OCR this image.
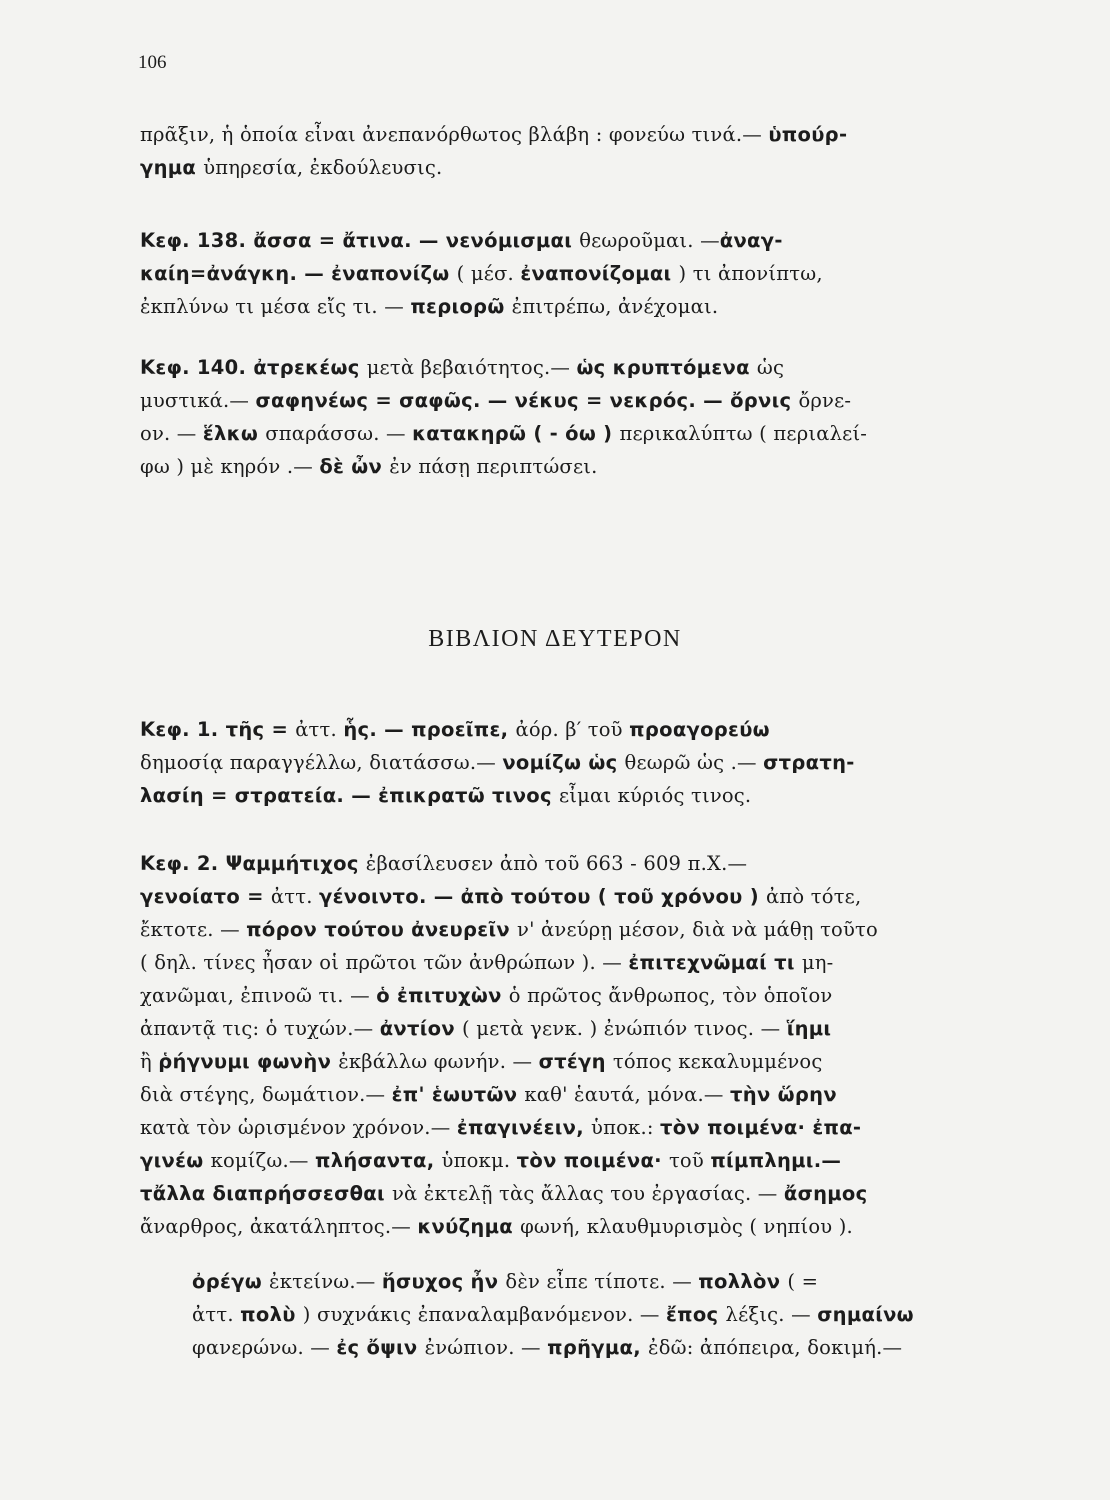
106
πρᾶξιν, ἡ ὁποία εἶναι ἀνεπανόρθωτος βλάβη : φονεύω τινά.— ὑπούρ-
γημα ὑπηρεσία, ἐκδούλευσις.
Κεφ. 138. ἄσσα = ἄτινα. — νενόμισμαι θεωροῦμαι. —ἀναγ-
καίη=ἀνάγκη. — ἐναπονίζω ( μέσ. ἐναπονίζομαι ) τι ἀπονίπτω,
ἐκπλύνω τι μέσα εἴς τι. — περιορῶ ἐπιτρέπω, ἀνέχομαι.
Κεφ. 140. ἀτρεκέως μετὰ βεβαιότητος.— ὡς κρυπτόμενα ὡς
μυστικά.— σαφηνέως = σαφῶς. — νέκυς = νεκρός. — ὄρνις ὄρνε-
ον. — ἕλκω σπαράσσω. — κατακηρῶ ( - όω ) περικαλύπτω ( περιαλεί-
φω ) μὲ κηρόν .— δὲ ὦν ἐν πάσῃ περιπτώσει.
ΒΙΒΛΙΟΝ ΔΕΥΤΕΡΟΝ
Κεφ. 1. τῆς = ἀττ. ἧς. — προεῖπε, ἀόρ. β′ τοῦ προαγορεύω
δημοσίᾳ παραγγέλλω, διατάσσω.— νομίζω ὡς θεωρῶ ὡς .— στρατη-
λασίη = στρατεία. — ἐπικρατῶ τινος εἶμαι κύριός τινος.
Κεφ. 2. Ψαμμήτιχος ἐβασίλευσεν ἀπὸ τοῦ 663 - 609 π.Χ.—
γενοίατο = ἀττ. γένοιντο. — ἀπὸ τούτου ( τοῦ χρόνου ) ἀπὸ τότε,
ἔκτοτε. — πόρον τούτου ἀνευρεῖν ν' ἀνεύρῃ μέσον, διὰ νὰ μάθῃ τοῦτο
( δηλ. τίνες ἦσαν οἱ πρῶτοι τῶν ἀνθρώπων ). — ἐπιτεχνῶμαί τι μη-
χανῶμαι, ἐπινοῶ τι. — ὁ ἐπιτυχὼν ὁ πρῶτος ἄνθρωπος, τὸν ὁποῖον
ἀπαντᾷ τις: ὁ τυχών.— ἀντίον ( μετὰ γενκ. ) ἐνώπιόν τινος. — ἵημι
ἢ ῥήγνυμι φωνὴν ἐκβάλλω φωνήν. — στέγη τόπος κεκαλυμμένος
διὰ στέγης, δωμάτιον.— ἐπ' ἑωυτῶν καθ' ἑαυτά, μόνα.— τὴν ὥρην
κατὰ τὸν ὡρισμένον χρόνον.— ἐπαγινέειν, ὑποκ.: τὸν ποιμένα· ἐπα-
γινέω κομίζω.— πλήσαντα, ὑποκμ. τὸν ποιμένα· τοῦ πίμπλημι.—
τἄλλα διαπρήσσεσθαι νὰ ἐκτελῇ τὰς ἄλλας του ἐργασίας. — ἄσημος
ἄναρθρος, ἀκατάληπτος.— κνύζημα φωνή, κλαυθμυρισμὸς ( νηπίου ).
ὀρέγω ἐκτείνω.— ἥσυχος ἦν δὲν εἶπε τίποτε. — πολλὸν ( =
ἀττ. πολὺ ) συχνάκις ἐπαναλαμβανόμενον. — ἔπος λέξις. — σημαίνω
φανερώνω. — ἐς ὄψιν ἐνώπιον. — πρῆγμα, ἐδῶ: ἀπόπειρα, δοκιμή.—
